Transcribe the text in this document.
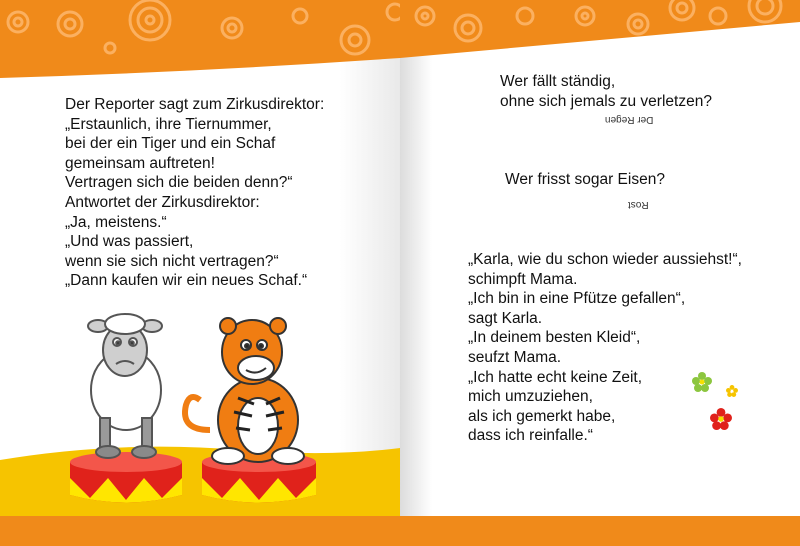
Der Reporter sagt zum Zirkusdirektor:
„Erstaunlich, ihre Tiernummer,
bei der ein Tiger und ein Schaf
gemeinsam auftreten!
Vertragen sich die beiden denn?“
Antwortet der Zirkusdirektor:
„Ja, meistens.“
„Und was passiert,
wenn sie sich nicht vertragen?“
„Dann kaufen wir ein neues Schaf.“
Wer fällt ständig,
ohne sich jemals zu verletzen?
Der Regen
Wer frisst sogar Eisen?
Rost
„Karla, wie du schon wieder aussiehst!“,
schimpft Mama.
„Ich bin in eine Pfütze gefallen“,
sagt Karla.
„In deinem besten Kleid“,
seufzt Mama.
„Ich hatte echt keine Zeit,
mich umzuziehen,
als ich gemerkt habe,
dass ich reinfalle.“
